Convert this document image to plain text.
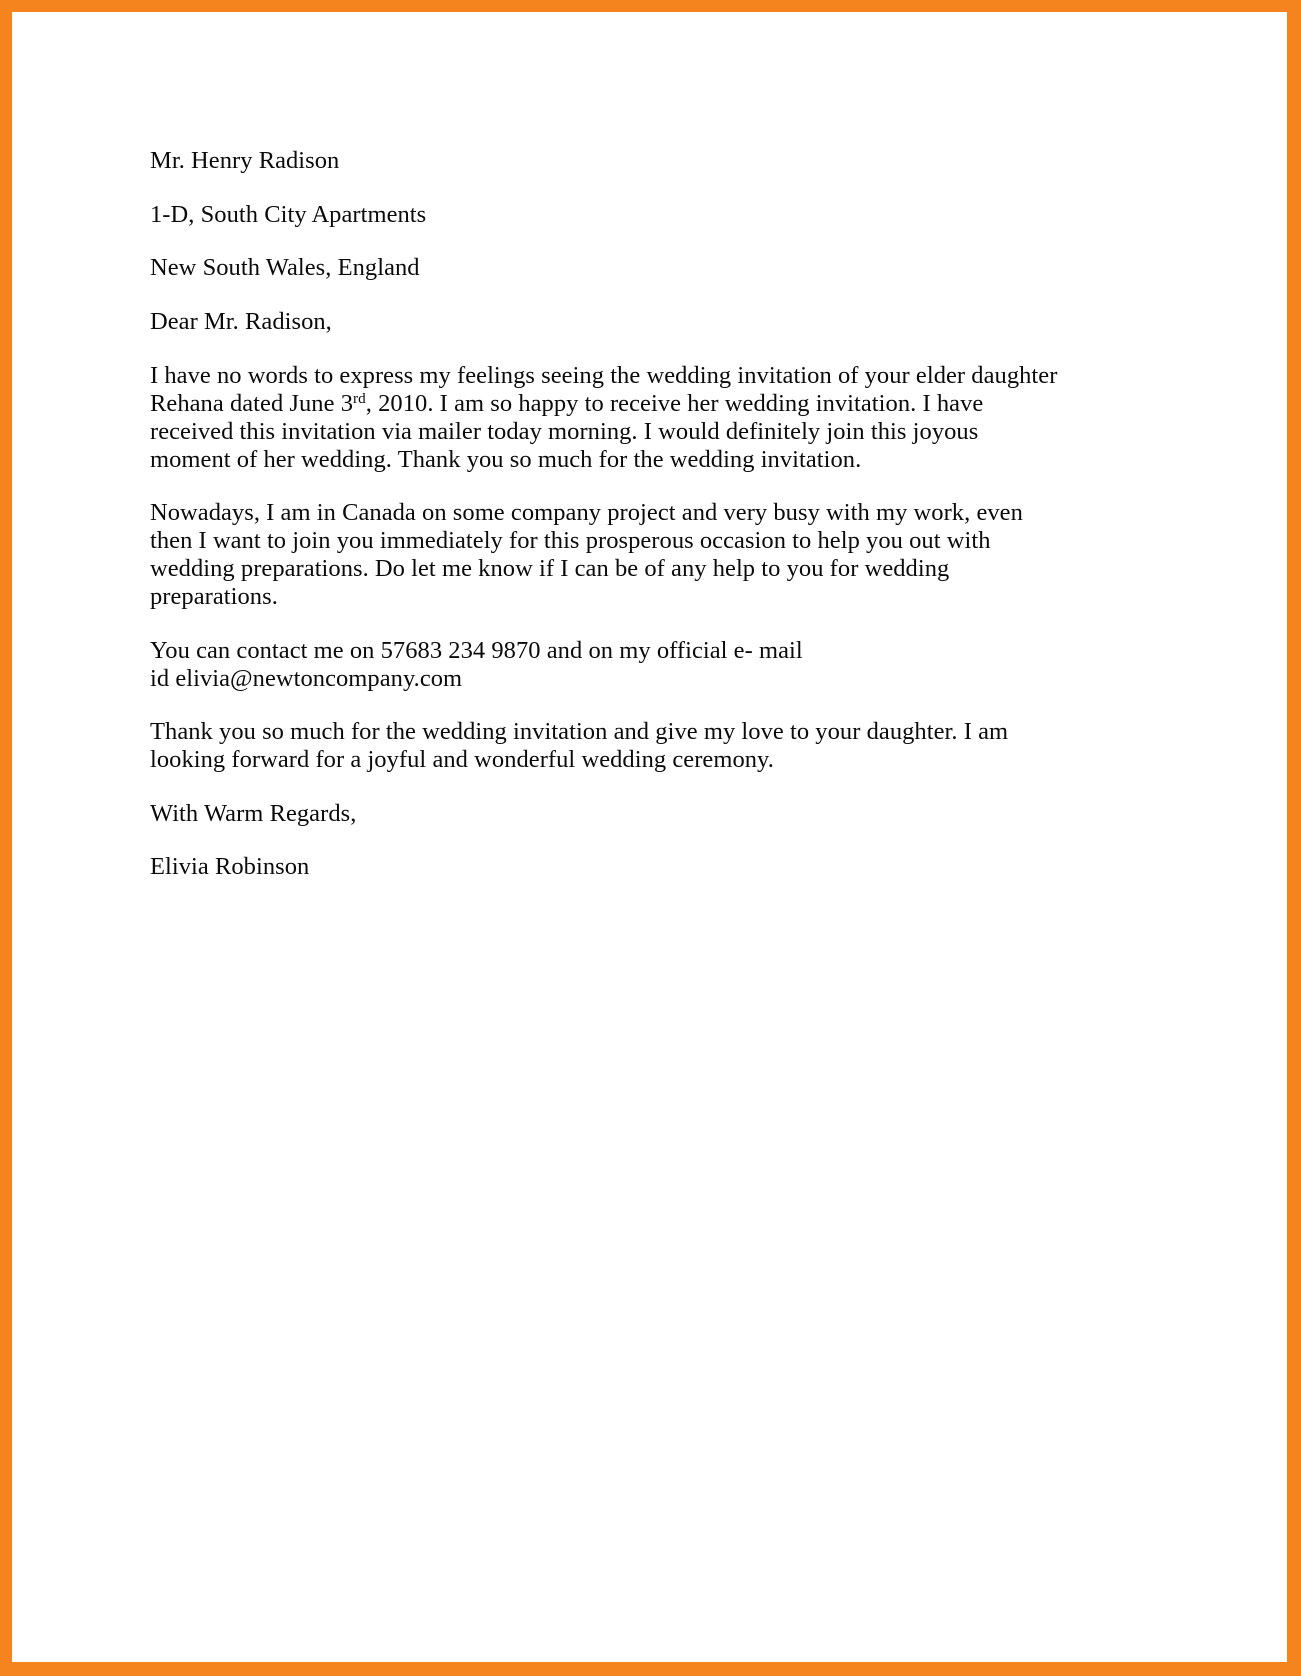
Mr. Henry Radison

1-D, South City Apartments

New South Wales, England

Dear Mr. Radison,

I have no words to express my feelings seeing the wedding invitation of your elder daughter Rehana dated June 3rd, 2010. I am so happy to receive her wedding invitation. I have received this invitation via mailer today morning. I would definitely join this joyous moment of her wedding. Thank you so much for the wedding invitation.

Nowadays, I am in Canada on some company project and very busy with my work, even then I want to join you immediately for this prosperous occasion to help you out with wedding preparations. Do let me know if I can be of any help to you for wedding preparations.

You can contact me on 57683 234 9870 and on my official e- mail
id elivia@newtoncompany.com

Thank you so much for the wedding invitation and give my love to your daughter. I am looking forward for a joyful and wonderful wedding ceremony.

With Warm Regards,

Elivia Robinson
